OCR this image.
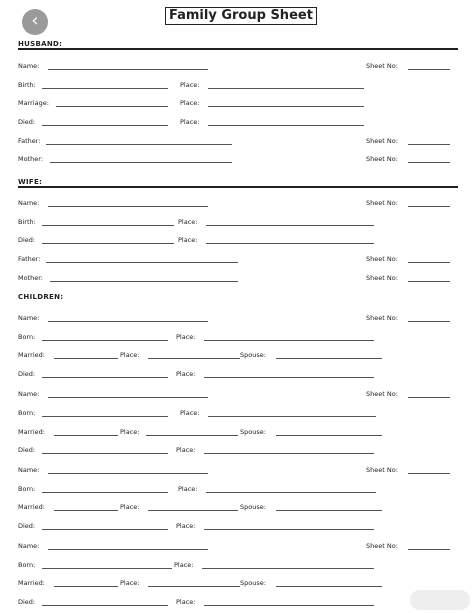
‹	Family Group Sheet
HUSBAND:
Name:	Sheet No:
Birth:	Place:
Marriage:	Place:
Died:	Place:
Father:	Sheet No:
Mother:	Sheet No:
WIFE:
Name:	Sheet No:
Birth:	Place:
Died:	Place:
Father:	Sheet No:
Mother:	Sheet No:
CHILDREN:
Name:	Sheet No:
Born:	Place:
Married:	Place:	Spouse:
Died:	Place:
Name:	Sheet No:
Born:	Place:
Married:	Place:	Spouse:
Died:	Place:
Name:	Sheet No:
Born:	Place:
Married:	Place:	Spouse:
Died:	Place:
Name:	Sheet No:
Born:	Place:
Married:	Place:	Spouse:
Died:	Place:
